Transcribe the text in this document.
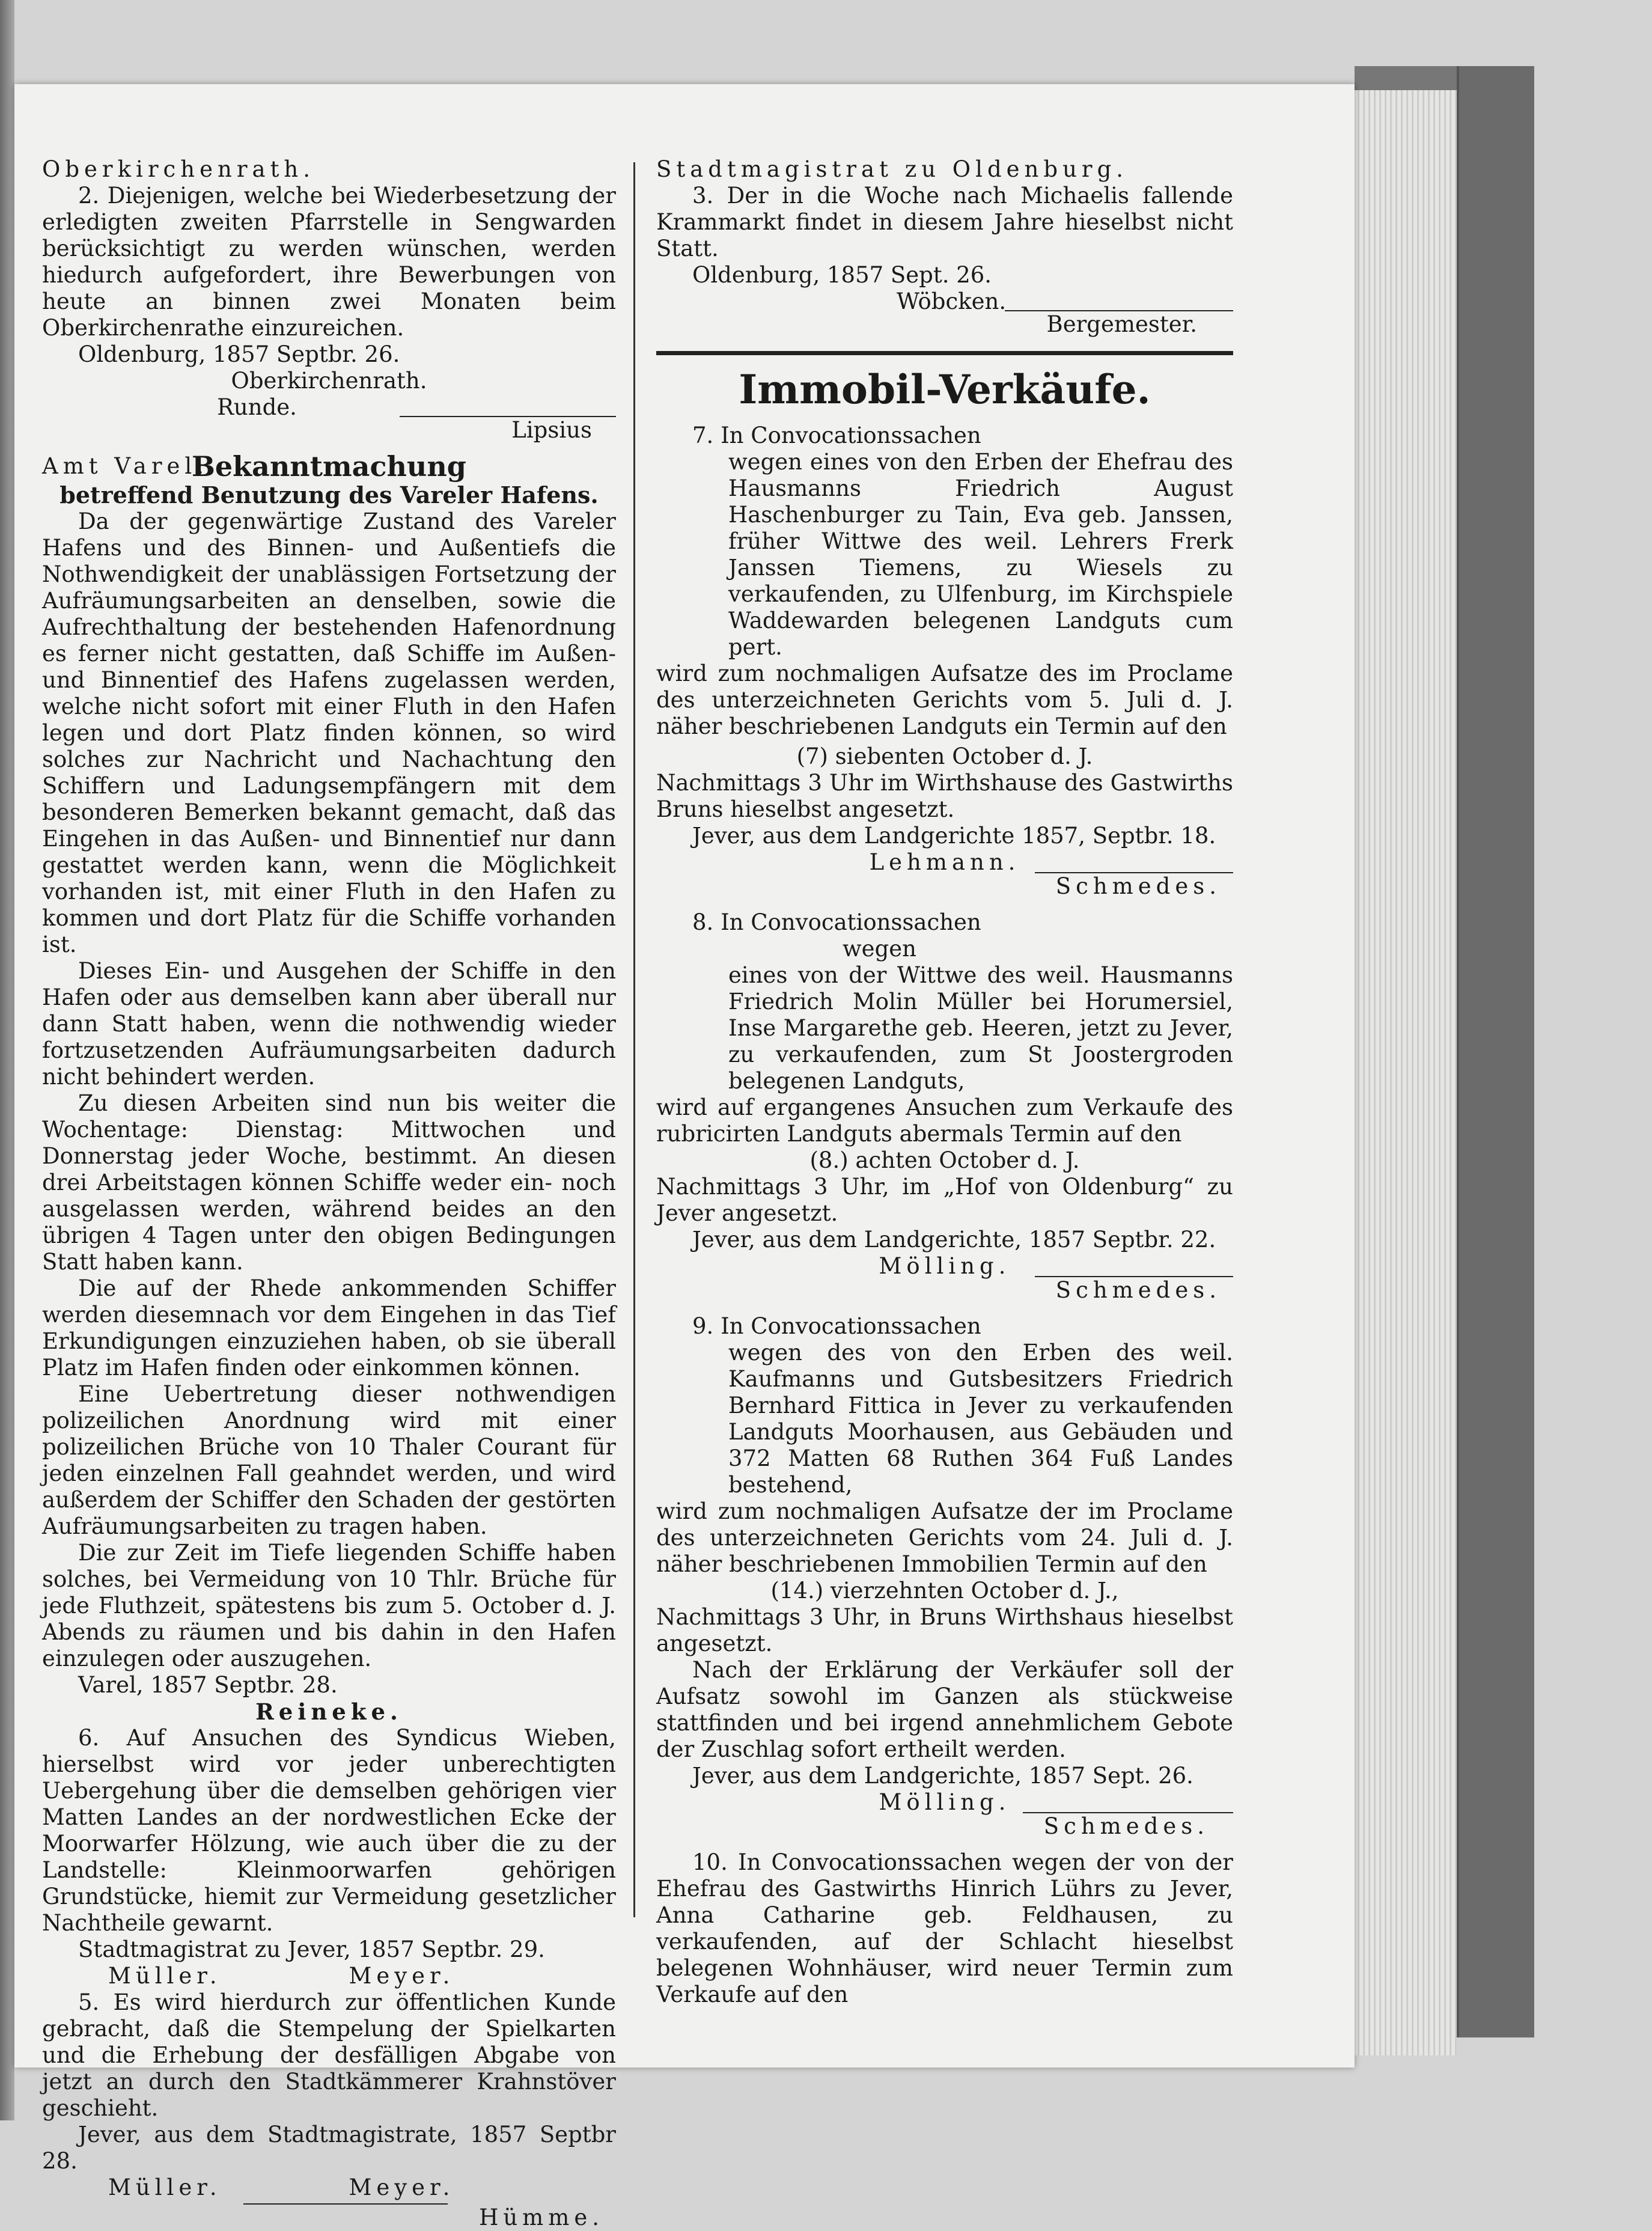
Oberkirchenrath.

2. Diejenigen, welche bei Wiederbesetzung der erledigten zweiten Pfarrstelle in Sengwarden berücksichtigt zu werden wünschen, werden hiedurch aufgefordert, ihre Bewerbungen von heute an binnen zwei Monaten beim Oberkirchenrathe einzureichen.

Oldenburg, 1857 Septbr. 26.

Oberkirchenrath.

Runde.

Lipsius

Amt Varel.

Bekanntmachung

betreffend Benutzung des Vareler Hafens.

Da der gegenwärtige Zustand des Vareler Hafens und des Binnen- und Außentiefs die Nothwendigkeit der unablässigen Fortsetzung der Aufräumungsarbeiten an denselben, sowie die Aufrechthaltung der bestehenden Hafenordnung es ferner nicht gestatten, daß Schiffe im Außen- und Binnentief des Hafens zugelassen werden, welche nicht sofort mit einer Fluth in den Hafen legen und dort Platz finden können, so wird solches zur Nachricht und Nachachtung den Schiffern und Ladungsempfängern mit dem besonderen Bemerken bekannt gemacht, daß das Eingehen in das Außen- und Binnentief nur dann gestattet werden kann, wenn die Möglichkeit vorhanden ist, mit einer Fluth in den Hafen zu kommen und dort Platz für die Schiffe vorhanden ist.

Dieses Ein- und Ausgehen der Schiffe in den Hafen oder aus demselben kann aber überall nur dann Statt haben, wenn die nothwendig wieder fortzusetzenden Aufräumungsarbeiten dadurch nicht behindert werden.

Zu diesen Arbeiten sind nun bis weiter die Wochentage: Dienstag: Mittwochen und Donnerstag jeder Woche, bestimmt. An diesen drei Arbeitstagen können Schiffe weder ein- noch ausgelassen werden, während beides an den übrigen 4 Tagen unter den obigen Bedingungen Statt haben kann.

Die auf der Rhede ankommenden Schiffer werden diesemnach vor dem Eingehen in das Tief Erkundigungen einzuziehen haben, ob sie überall Platz im Hafen finden oder einkommen können.

Eine Uebertretung dieser nothwendigen polizeilichen Anordnung wird mit einer polizeilichen Brüche von 10 Thaler Courant für jeden einzelnen Fall geahndet werden, und wird außerdem der Schiffer den Schaden der gestörten Aufräumungsarbeiten zu tragen haben.

Die zur Zeit im Tiefe liegenden Schiffe haben solches, bei Vermeidung von 10 Thlr. Brüche für jede Fluthzeit, spätestens bis zum 5. October d. J. Abends zu räumen und bis dahin in den Hafen einzulegen oder auszugehen.

Varel, 1857 Septbr. 28.

Reineke.

6. Auf Ansuchen des Syndicus Wieben, hierselbst wird vor jeder unberechtigten Uebergehung über die demselben gehörigen vier Matten Landes an der nordwestlichen Ecke der Moorwarfer Hölzung, wie auch über die zu der Landstelle: Kleinmoorwarfen gehörigen Grundstücke, hiemit zur Vermeidung gesetzlicher Nachtheile gewarnt.

Stadtmagistrat zu Jever, 1857 Septbr. 29.

Müller.	Meyer.

5. Es wird hierdurch zur öffentlichen Kunde gebracht, daß die Stempelung der Spielkarten und die Erhebung der desfälligen Abgabe von jetzt an durch den Stadtkämmerer Krahnstöver geschieht.

Jever, aus dem Stadtmagistrate, 1857 Septbr 28.

Müller.	Meyer.

Hümme.

Stadtmagistrat zu Oldenburg.

3. Der in die Woche nach Michaelis fallende Krammarkt findet in diesem Jahre hieselbst nicht Statt.

Oldenburg, 1857 Sept. 26.

Wöbcken.

Bergemester.

Immobil-Verkäufe.

7. In Convocationssachen

wegen eines von den Erben der Ehefrau des Hausmanns Friedrich August Haschenburger zu Tain, Eva geb. Janssen, früher Wittwe des weil. Lehrers Frerk Janssen Tiemens, zu Wiesels zu verkaufenden, zu Ulfenburg, im Kirchspiele Waddewarden belegenen Landguts cum pert.

wird zum nochmaligen Aufsatze des im Proclame des unterzeichneten Gerichts vom 5. Juli d. J. näher beschriebenen Landguts ein Termin auf den

(7) siebenten October d. J.

Nachmittags 3 Uhr im Wirthshause des Gastwirths Bruns hieselbst angesetzt.

Jever, aus dem Landgerichte 1857, Septbr. 18.

Lehmann.

Schmedes.

8. In Convocationssachen

wegen

eines von der Wittwe des weil. Hausmanns Friedrich Molin Müller bei Horumersiel, Inse Margarethe geb. Heeren, jetzt zu Jever, zu verkaufenden, zum St Joostergroden belegenen Landguts,

wird auf ergangenes Ansuchen zum Verkaufe des rubricirten Landguts abermals Termin auf den

(8.) achten October d. J.

Nachmittags 3 Uhr, im „Hof von Oldenburg“ zu Jever angesetzt.

Jever, aus dem Landgerichte, 1857 Septbr. 22.

Mölling.

Schmedes.

9. In Convocationssachen

wegen des von den Erben des weil. Kaufmanns und Gutsbesitzers Friedrich Bernhard Fittica in Jever zu verkaufenden Landguts Moorhausen, aus Gebäuden und 372 Matten 68 Ruthen 364 Fuß Landes bestehend,

wird zum nochmaligen Aufsatze der im Proclame des unterzeichneten Gerichts vom 24. Juli d. J. näher beschriebenen Immobilien Termin auf den

(14.) vierzehnten October d. J.,

Nachmittags 3 Uhr, in Bruns Wirthshaus hieselbst angesetzt.

Nach der Erklärung der Verkäufer soll der Aufsatz sowohl im Ganzen als stückweise stattfinden und bei irgend annehmlichem Gebote der Zuschlag sofort ertheilt werden.

Jever, aus dem Landgerichte, 1857 Sept. 26.

Mölling.

Schmedes.

10. In Convocationssachen wegen der von der Ehefrau des Gastwirths Hinrich Lührs zu Jever, Anna Catharine geb. Feldhausen, zu verkaufenden, auf der Schlacht hieselbst belegenen Wohnhäuser, wird neuer Termin zum Verkaufe auf den
